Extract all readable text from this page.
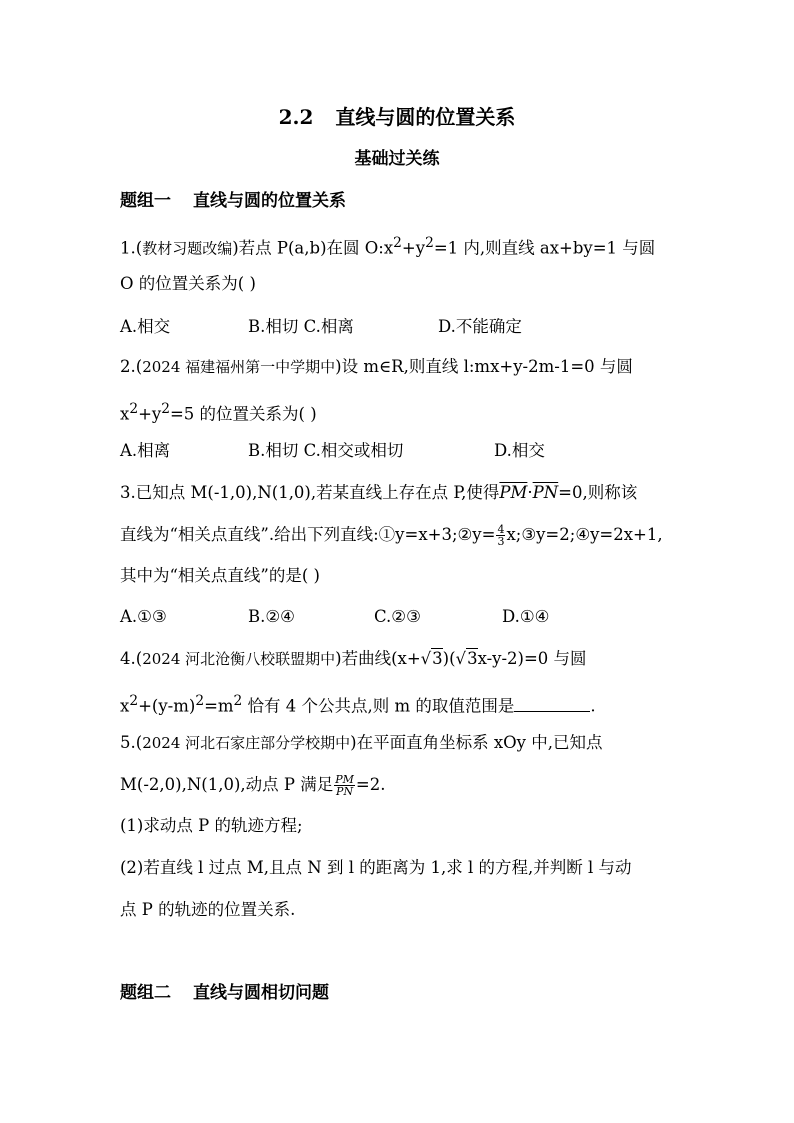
2.2 直线与圆的位置关系
基础过关练
题组一 直线与圆的位置关系
1.(教材习题改编)若点 P(a,b)在圆 $O:x^2+y^2=1$ 内,则直线 ax+by=1 与圆
O 的位置关系为( )
A.相交	B.相切 C.相离	D.不能确定
2.(2024 福建福州第一中学期中)设 m∈R,则直线 l:mx+y-2m-1=0 与圆
$x^2+y^2=5$ 的位置关系为( )
A.相离	B.相切 C.相交或相切	D.相交
3.已知点 M(-1,0),N(1,0),若某直线上存在点 P,使得$\overline{PM}\cdot\overline{PN}=0$,则称该
直线为“相关点直线”.给出下列直线:①y=x+3;②y= $\frac{4}{3}$ x;③y=2;④y=2x+1,
其中为“相关点直线”的是( )
A.①③	B.②④	C.②③	D.①④
4.(2024 河北沧衡八校联盟期中)若曲线(x+√3)(√3x-y-2)=0 与圆
$x^2+(y-m)^2=m^2$ 恰有 4 个公共点,则 m 的取值范围是	.
5.(2024 河北石家庄部分学校期中)在平面直角坐标系 xOy 中,已知点
M(-2,0),N(1,0),动点 P 满足 $\frac{PM}{PN} =2$.
(1)求动点 P 的轨迹方程;
(2)若直线 l 过点 M,且点 N 到 l 的距离为 1,求 l 的方程,并判断 l 与动
点 P 的轨迹的位置关系.
题组二 直线与圆相切问题
